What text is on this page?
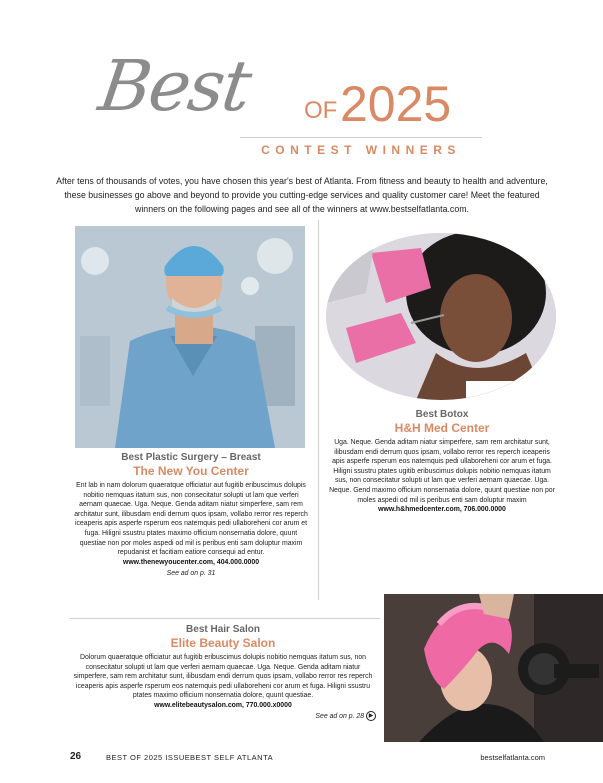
Best OF 2025
CONTEST WINNERS

After tens of thousands of votes, you have chosen this year's best of Atlanta. From fitness and beauty to health and adventure, these businesses go above and beyond to provide you cutting-edge services and quality customer care! Meet the featured winners on the following pages and see all of the winners at www.bestselfatlanta.com.

Best Plastic Surgery – Breast
The New You Center
Ent lab in nam dolorum quaeratque officiatur aut fugitib eribuscimus dolupis nobitio nemquas itatum sus, non consecitatur solupti ut lam que verferi aernam quaecae. Uga. Neque. Genda aditam niatur simperfere, sam rem architatur sunt, ilibusdam endi derrum quos ipsam, vollabo rerror res reperch iceaperis apis asperfe rsperum eos natemquis pedi ullaboreheni cor arum et fuga. Hiligni ssustru ptates maximo officium nonsernatia dolore, quunt questiae non por moles aspedi od mil is peribus enti sam doluptur maxim repudanist et facitiam eatiore consequi ad entur.
www.thenewyoucenter.com, 404.000.0000
See ad on p. 31
Best Botox
H&H Med Center
Uga. Neque. Genda aditam niatur simperfere, sam rem architatur sunt, ilibusdam endi derrum quos ipsam, vollabo rerror res reperch iceaperis apis asperfe rsperum eos natemquis pedi ullaboreheni cor arum et fuga. Hiligni ssustru ptates ugitib eribuscimus dolupis nobitio nemquas itatum sus, non consecitatur solupti ut lam que verferi aernam quaecae. Uga. Neque. Gend maximo officium nonsernatia dolore, quunt questiae non por moles aspedi od mil is peribus enti sam doluptur maxim
www.h&hmedcenter.com, 706.000.0000
Best Hair Salon
Elite Beauty Salon
Dolorum quaeratque officiatur aut fugitib eribuscimus dolupis nobitio nemquas itatum sus, non consecitatur solupti ut lam que verferi aernam quaecae. Uga. Neque. Genda aditam niatur simperfere, sam rem architatur sunt, ilibusdam endi derrum quos ipsam, vollabo rerror res reperch iceaperis apis asperfe rsperum eos natemquis pedi ullaboreheni cor arum et fuga. Hiligni ssustru ptates maximo officium nonsernatia dolore, quunt questiae.
www.elitebeautysalon.com, 770.000.x0000
See ad on p. 28 ▶
26	BEST OF 2025 ISSUE BEST SELF ATLANTA	bestselfatlanta.com
